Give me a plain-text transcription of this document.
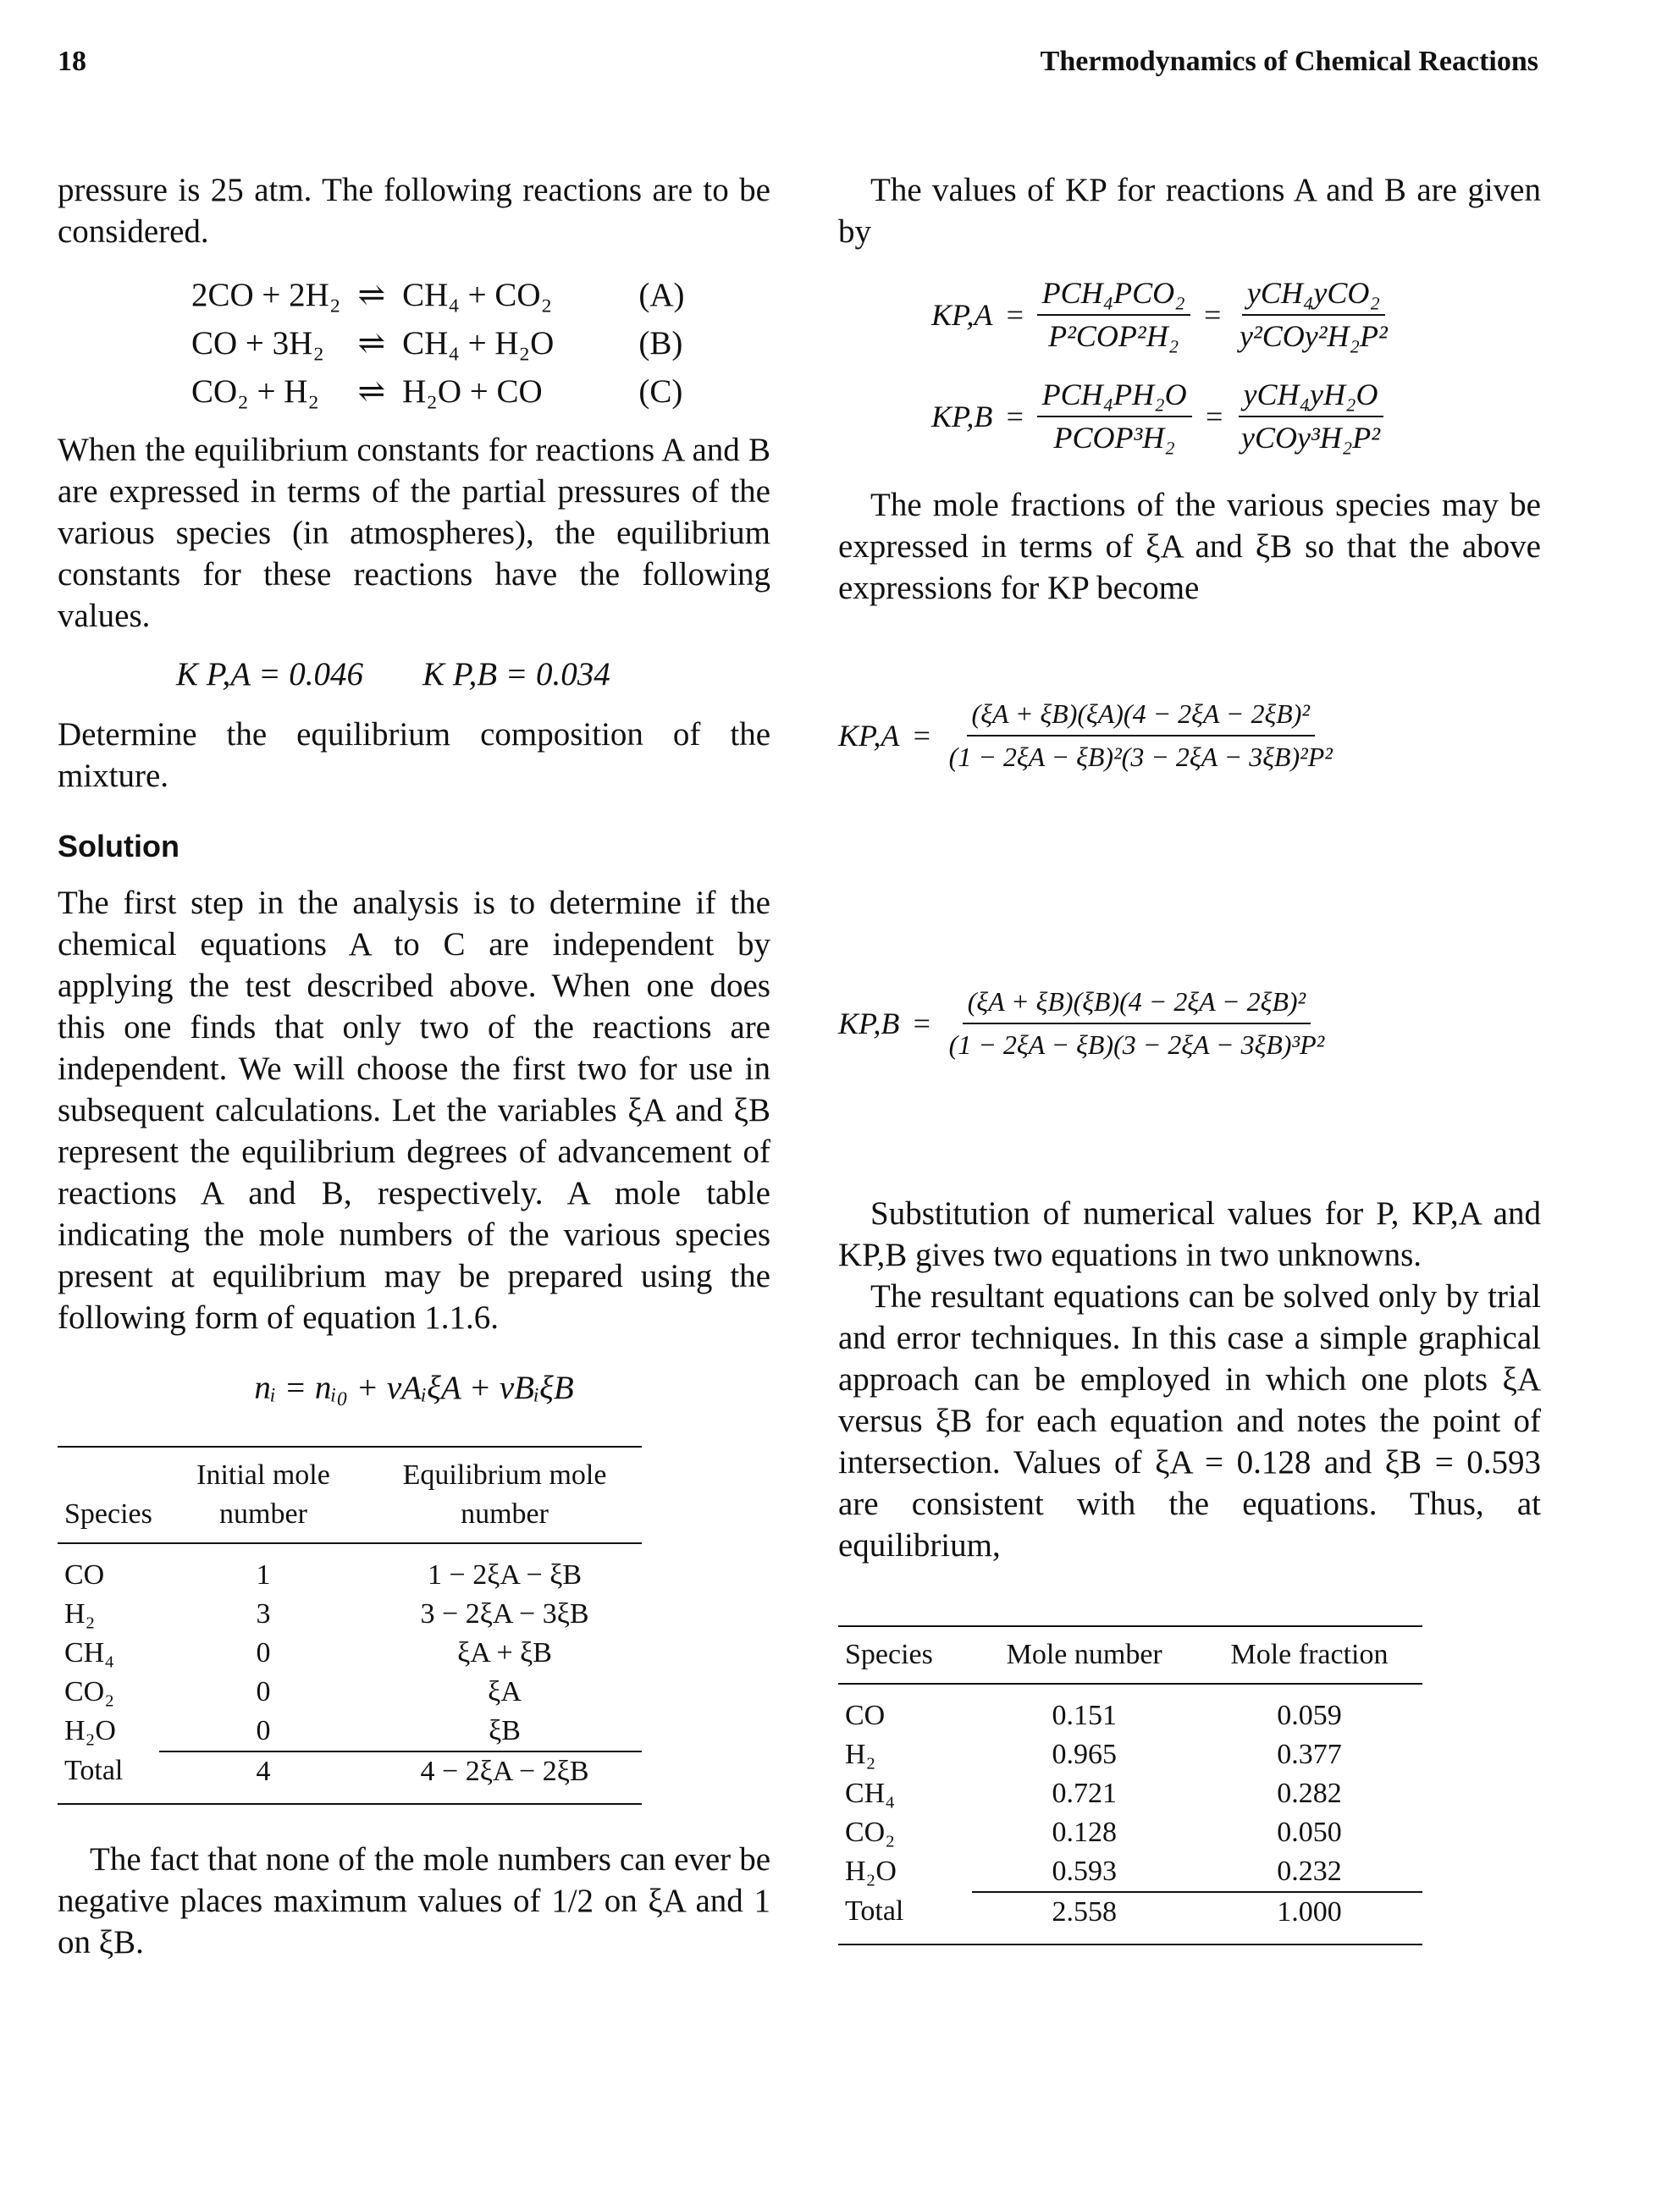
18	Thermodynamics of Chemical Reactions

pressure is 25 atm. The following reactions are to be considered.

2CO + 2H₂	⇌	CH₄ + CO₂	(A)
CO + 3H₂	⇌	CH₄ + H₂O	(B)
CO₂ + H₂	⇌	H₂O + CO	(C)

When the equilibrium constants for reactions A and B are expressed in terms of the partial pressures of the various species (in atmospheres), the equilibrium constants for these reactions have the following values.

K P,A = 0.046 K P,B = 0.034

Determine the equilibrium composition of the mixture.

Solution

The first step in the analysis is to determine if the chemical equations A to C are independent by applying the test described above. When one does this one finds that only two of the reactions are independent. We will choose the first two for use in subsequent calculations. Let the variables ξA and ξB represent the equilibrium degrees of advancement of reactions A and B, respectively. A mole table indicating the mole numbers of the various species present at equilibrium may be prepared using the following form of equation 1.1.6.

nᵢ = nᵢ₀ + νAᵢξA + νBᵢξB
Species	Initial mole number	Equilibrium mole number
CO	1	1 − 2ξA − ξB
H₂	3	3 − 2ξA − 3ξB
CH₄	0	ξA + ξB
CO₂	0	ξA
H₂O	0	ξB
Total	4	4 − 2ξA − 2ξB

The fact that none of the mole numbers can ever be negative places maximum values of 1/2 on ξA and 1 on ξB.

The values of KP for reactions A and B are given by

$KP,A = \frac{\text{PCH₄PCO₂}}{\text{P²COP²H₂}} = \frac{\text{yCH₄yCO₂}}{\text{y²COy²H₂P²}}$
$KP,B = \frac{\text{PCH₄PH₂O}}{\text{PCOP³H₂}} = \frac{\text{yCH₄yH₂O}}{\text{yCOy³H₂P²}}$

The mole fractions of the various species may be expressed in terms of ξA and ξB so that the above expressions for KP become

$KP,A = \frac{\text{(ξA + ξB)(ξA)(4 − 2ξA − 2ξB)²}}{\text{(1 − 2ξA − ξB)²(3 − 2ξA − 3ξB)²P²}}$
$KP,B = \frac{\text{(ξA + ξB)(ξB)(4 − 2ξA − 2ξB)²}}{\text{(1 − 2ξA − ξB)(3 − 2ξA − 3ξB)³P²}}$

Substitution of numerical values for P, KP,A and KP,B gives two equations in two unknowns.

The resultant equations can be solved only by trial and error techniques. In this case a simple graphical approach can be employed in which one plots ξA versus ξB for each equation and notes the point of intersection. Values of ξA = 0.128 and ξB = 0.593 are consistent with the equations. Thus, at equilibrium,

Species	Mole number	Mole fraction
CO	0.151	0.059
H₂	0.965	0.377
CH₄	0.721	0.282
CO₂	0.128	0.050
H₂O	0.593	0.232
Total	2.558	1.000
